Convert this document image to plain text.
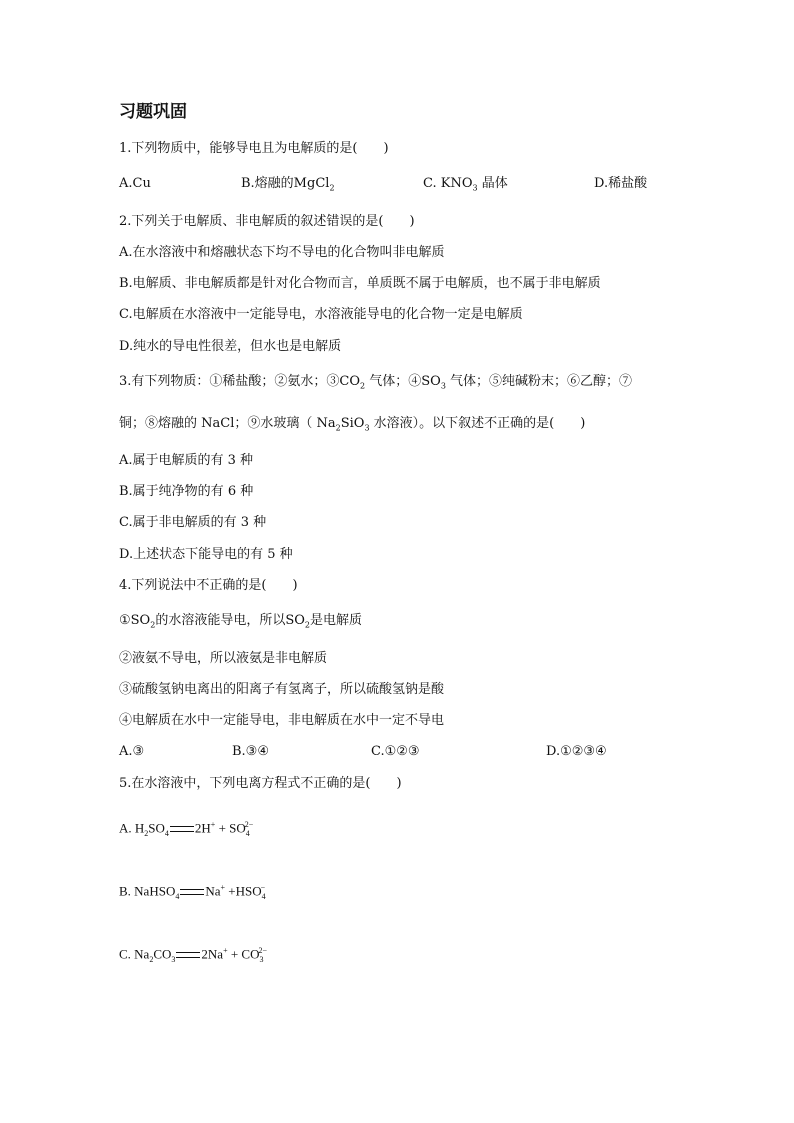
习题巩固
1.下列物质中，能够导电且为电解质的是(　　)
A.Cu	B.熔融的MgCl$_2$	C. $KNO_3$ 晶体	D.稀盐酸
2.下列关于电解质、非电解质的叙述错误的是(　　)
A.在水溶液中和熔融状态下均不导电的化合物叫非电解质
B.电解质、非电解质都是针对化合物而言，单质既不属于电解质，也不属于非电解质
C.电解质在水溶液中一定能导电，水溶液能导电的化合物一定是电解质
D.纯水的导电性很差，但水也是电解质
3.有下列物质：①稀盐酸；②氨水；$③CO_2$ 气体；$④SO_3$ 气体；⑤纯碱粉末；⑥乙醇；⑦
铜；⑧熔融的 NaCl；⑨水玻璃（ $Na_2SiO_3$ 水溶液）。以下叙述不正确的是(　　)
A.属于电解质的有 3 种
B.属于纯净物的有 6 种
C.属于非电解质的有 3 种
D.上述状态下能导电的有 5 种
4.下列说法中不正确的是(　　)
$①SO_2$的水溶液能导电，所以$SO_2$是电解质
②液氨不导电，所以液氨是非电解质
③硫酸氢钠电离出的阳离子有氢离子，所以硫酸氢钠是酸
④电解质在水中一定能导电，非电解质在水中一定不导电
A.③	B.③④	C.①②③	D.①②③④
5.在水溶液中，下列电离方程式不正确的是(　　)
A. $H_2SO_4$ $2H^+ + SO_4^{2-}$
B. NaHSO$_4$ $Na^+ +HSO_4^-$
C. $Na_2CO_3$ $2Na^+ + CO_3^{2-}$
